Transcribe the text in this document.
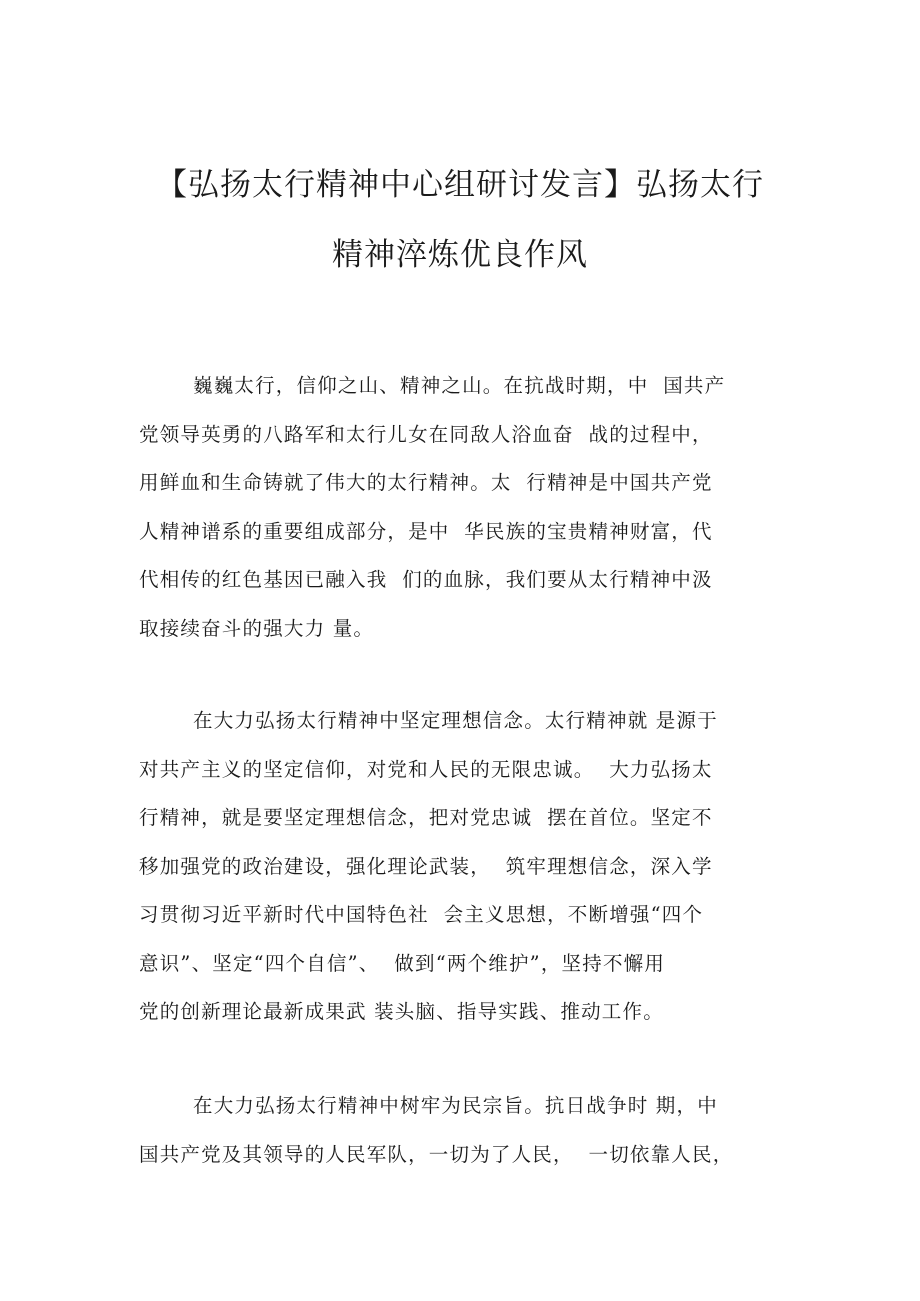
【弘扬太行精神中心组研讨发言】弘扬太行
精神淬炼优良作风
巍巍太行，信仰之山、精神之山。在抗战时期，中  国共产
党领导英勇的八路军和太行儿女在同敌人浴血奋  战的过程中，
用鲜血和生命铸就了伟大的太行精神。太  行精神是中国共产党
人精神谱系的重要组成部分，是中  华民族的宝贵精神财富，代
代相传的红色基因已融入我  们的血脉，我们要从太行精神中汲
取接续奋斗的强大力 量。
在大力弘扬太行精神中坚定理想信念。太行精神就 是源于
对共产主义的坚定信仰，对党和人民的无限忠诚。  大力弘扬太
行精神，就是要坚定理想信念，把对党忠诚  摆在首位。坚定不
移加强党的政治建设，强化理论武装，  筑牢理想信念，深入学
习贯彻习近平新时代中国特色社  会主义思想，不断增强“四个
意识”、坚定“四个自信”、  做到“两个维护”，坚持不懈用
党的创新理论最新成果武 装头脑、指导实践、推动工作。
在大力弘扬太行精神中树牢为民宗旨。抗日战争时 期，中
国共产党及其领导的人民军队，一切为了人民，  一切依靠人民，
